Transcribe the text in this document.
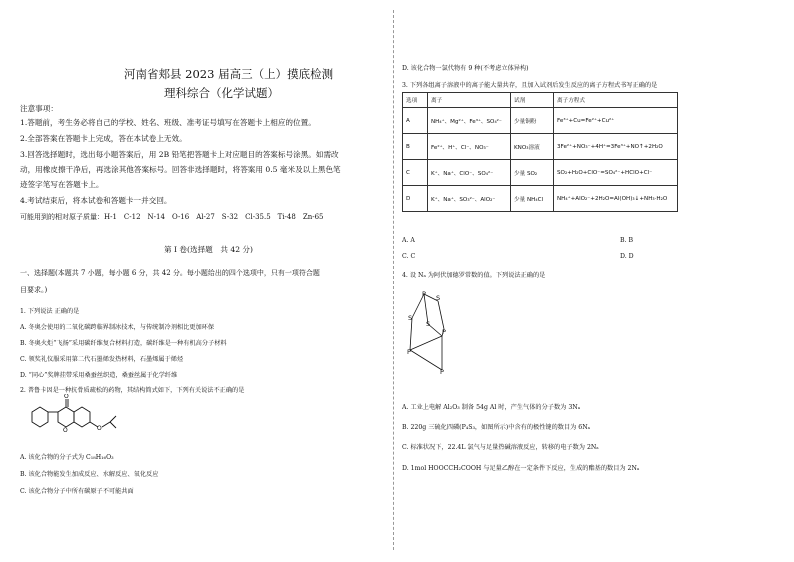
河南省郏县 2023 届高三（上）摸底检测
理科综合（化学试题）
注意事项：
1.答题前，考生务必将自己的学校、姓名、班级、准考证号填写在答题卡上相应的位置。
2.全部答案在答题卡上完成，答在本试卷上无效。
3.回答选择题时，选出每小题答案后，用 2B 铅笔把答题卡上对应题目的答案标号涂黑。如需改
动，用橡皮擦干净后，再选涂其他答案标号。回答非选择题时，将答案用 0.5 毫米及以上黑色笔
迹签字笔写在答题卡上。
4.考试结束后，将本试卷和答题卡一并交回。
可能用到的相对原子质量：H-1　C-12　N-14　O-16　Al-27　S-32　Cl-35.5　Ti-48　Zn-65
第 Ⅰ 卷(选择题　共 42 分)
一、选择题(本题共 7 小题，每小题 6 分，共 42 分。每小题给出的四个选项中，只有一项符合题
目要求。)
1. 下列说法 正确的是
A. 冬奥会使用的二氧化碳跨临界制冰技术，与传统制冷剂相比更加环保
B. 冬奥火炬“飞扬”采用碳纤维复合材料打造，碳纤维是一种有机高分子材料
C. 领奖礼仪服采用第二代石墨烯发热材料，石墨烯属于烯烃
D. “同心”奖牌挂带采用桑蚕丝织造，桑蚕丝属于化学纤维
2. 普鲁卡因是一种抗骨质疏松的药物，其结构简式如下，下列有关说法不正确的是
O
O	O
A. 该化合物的分子式为 C₁₈H₁₆O₃
B. 该化合物能发生加成反应、水解反应、氧化反应
C. 该化合物分子中所有碳原子不可能共面
D. 该化合物一氯代物有 9 种(不考虑立体异构)
3. 下列各组离子溶液中的离子能大量共存，且加入试剂后发生反应的离子方程式书写正确的是
选项	离子	试剂	离子方程式
A	NH₄⁺、Mg²⁺、Fe³⁺、SO₄²⁻	少量铜粉	Fe³⁺+Cu=Fe²⁺+Cu²⁺
B	Fe²⁺、H⁺、Cl⁻、NO₃⁻	KNO₃溶液	3Fe²⁺+NO₃⁻+4H⁺=3Fe³⁺+NO↑+2H₂O
C	K⁺、Na⁺、ClO⁻、SO₄²⁻	少量 SO₂	SO₂+H₂O+ClO⁻=SO₄²⁻+HClO+Cl⁻
D	K⁺、Na⁺、SO₃²⁻、AlO₂⁻	少量 NH₄Cl	NH₄⁺+AlO₂⁻+2H₂O=Al(OH)₃↓+NH₃·H₂O
A. A	B. B
C. C	D. D
4. 设 Nₐ 为阿伏加德罗常数的值。下列说法正确的是
P S
S
S
P
P
P
A. 工业上电解 Al₂O₃ 制备 54g Al 时，产生气体的分子数为 3Nₐ
B. 220g 三硫化四磷(P₄S₃，如图所示)中含有的极性键的数目为 6Nₐ
C. 标准状况下，22.4L 氯气与足量热碱溶液反应，转移的电子数为 2Nₐ
D. 1mol HOOCCH₂COOH 与足量乙醇在一定条件下反应，生成的酯基的数目为 2Nₐ
